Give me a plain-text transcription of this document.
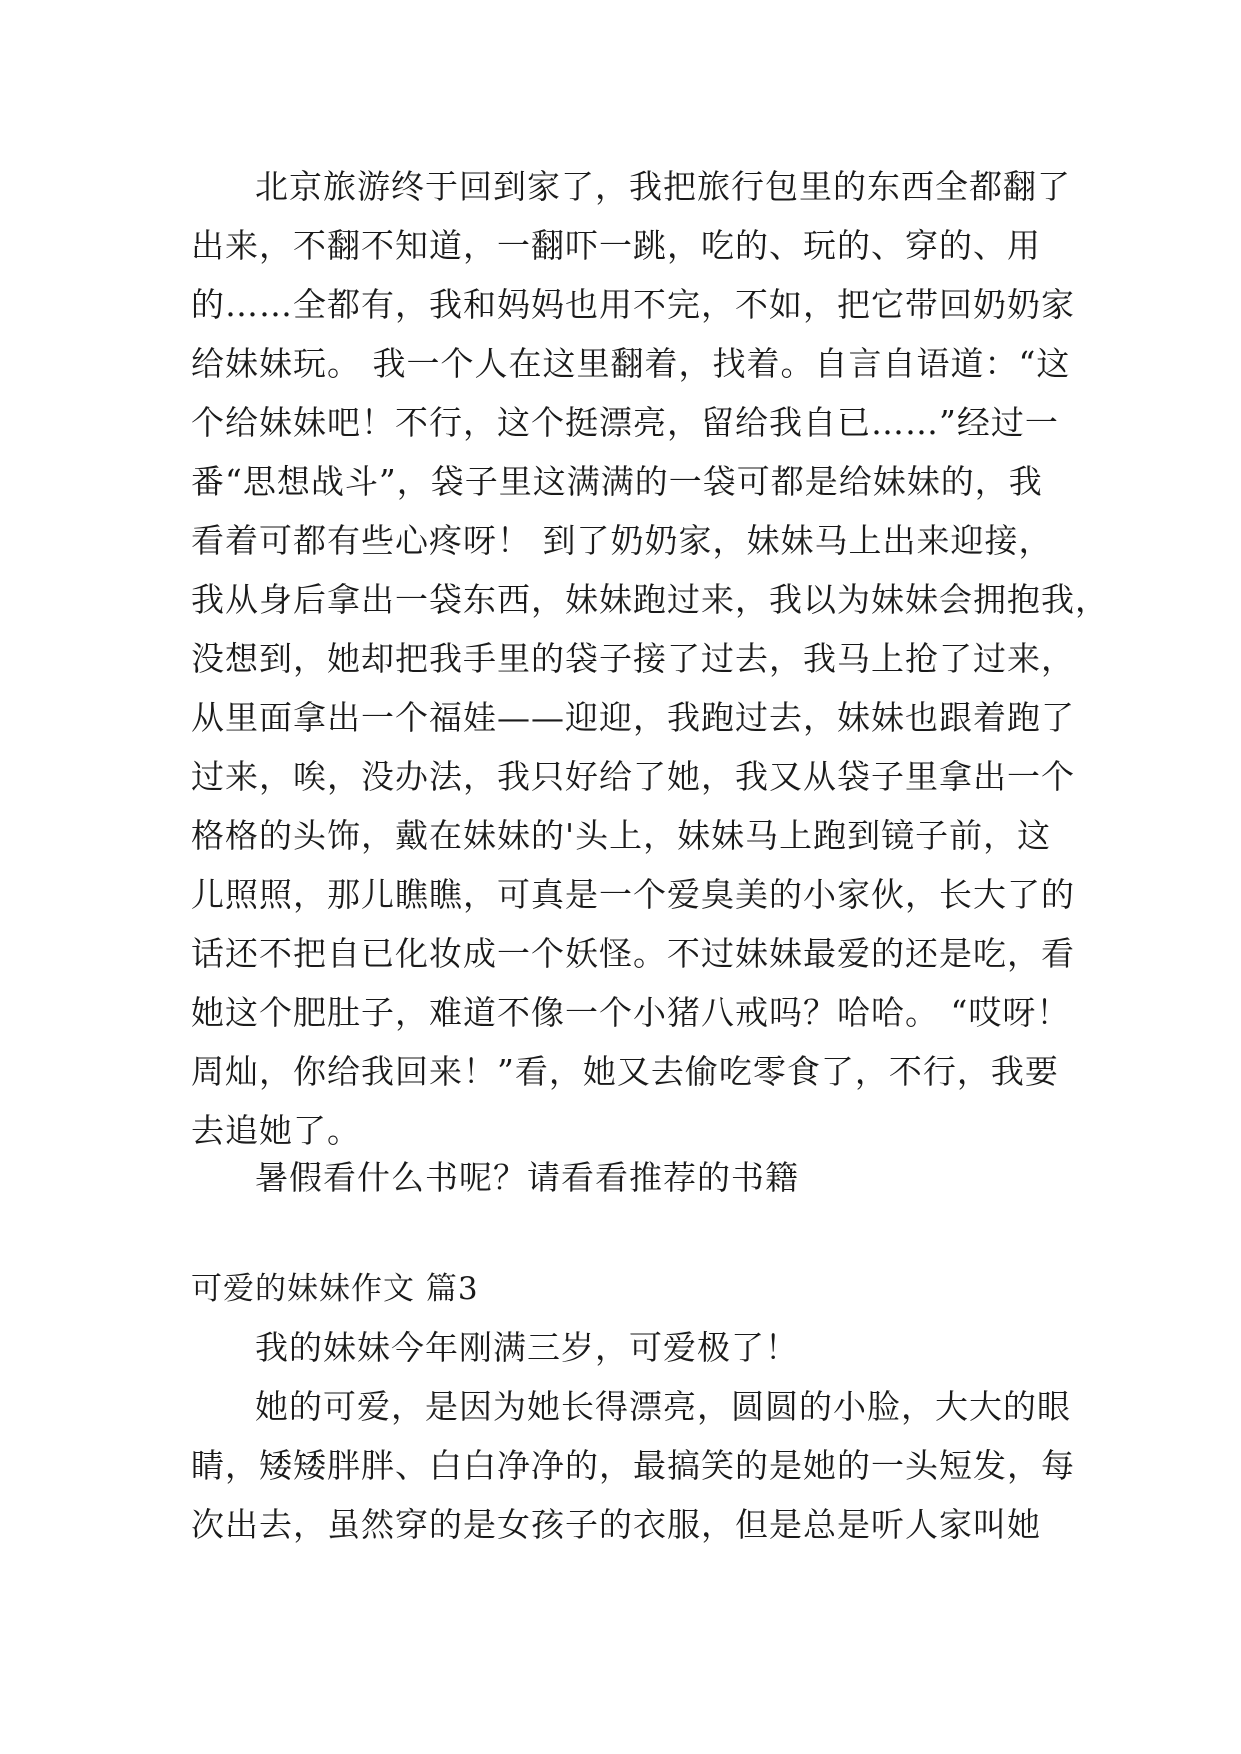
北京旅游终于回到家了，我把旅行包里的东西全都翻了
出来，不翻不知道，一翻吓一跳，吃的、玩的、穿的、用
的……全都有，我和妈妈也用不完，不如，把它带回奶奶家
给妹妹玩。 我一个人在这里翻着，找着。自言自语道：“这
个给妹妹吧！不行，这个挺漂亮，留给我自已……”经过一
番“思想战斗”，袋子里这满满的一袋可都是给妹妹的，我
看着可都有些心疼呀！ 到了奶奶家，妹妹马上出来迎接，
我从身后拿出一袋东西，妹妹跑过来，我以为妹妹会拥抱我，
没想到，她却把我手里的袋子接了过去，我马上抢了过来，
从里面拿出一个福娃——迎迎，我跑过去，妹妹也跟着跑了
过来，唉，没办法，我只好给了她，我又从袋子里拿出一个
格格的头饰，戴在妹妹的'头上，妹妹马上跑到镜子前，这
儿照照，那儿瞧瞧，可真是一个爱臭美的小家伙，长大了的
话还不把自已化妆成一个妖怪。不过妹妹最爱的还是吃，看
她这个肥肚子，难道不像一个小猪八戒吗？哈哈。 “哎呀！
周灿，你给我回来！”看，她又去偷吃零食了，不行，我要
去追她了。
暑假看什么书呢？请看看推荐的书籍
可爱的妹妹作文 篇3
我的妹妹今年刚满三岁，可爱极了！
她的可爱，是因为她长得漂亮，圆圆的小脸，大大的眼
睛，矮矮胖胖、白白净净的，最搞笑的是她的一头短发，每
次出去，虽然穿的是女孩子的衣服，但是总是听人家叫她
